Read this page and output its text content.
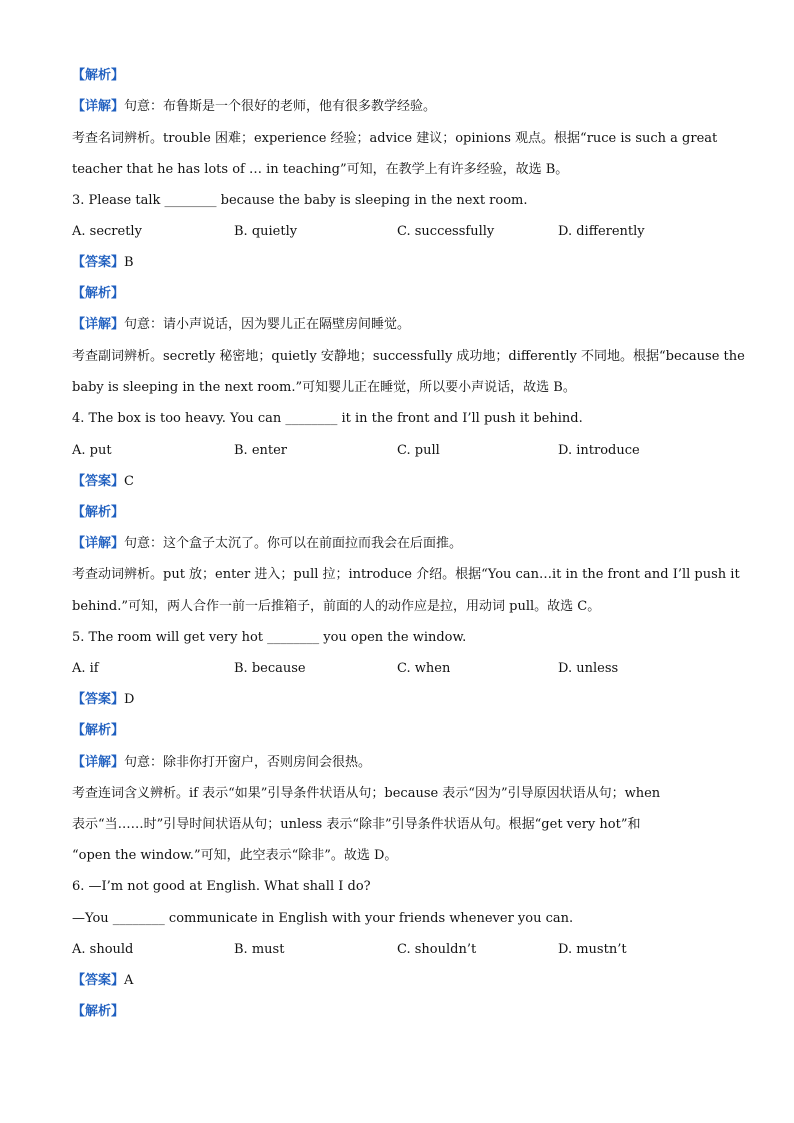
【解析】
【详解】句意：布鲁斯是一个很好的老师，他有很多教学经验。
考查名词辨析。trouble 困难；experience 经验；advice 建议；opinions 观点。根据“ruce is such a great
teacher that he has lots of … in teaching”可知，在教学上有许多经验，故选 B。
3. Please talk ________ because the baby is sleeping in the next room.
A. secretly	B. quietly	C. successfully	D. differently
【答案】B
【解析】
【详解】句意：请小声说话，因为婴儿正在隔壁房间睡觉。
考查副词辨析。secretly 秘密地；quietly 安静地；successfully 成功地；differently 不同地。根据“because the
baby is sleeping in the next room.”可知婴儿正在睡觉，所以要小声说话，故选 B。
4. The box is too heavy. You can ________ it in the front and I’ll push it behind.
A. put	B. enter	C. pull	D. introduce
【答案】C
【解析】
【详解】句意：这个盒子太沉了。你可以在前面拉而我会在后面推。
考查动词辨析。put 放；enter 进入；pull 拉；introduce 介绍。根据“You can…it in the front and I’ll push it
behind.”可知，两人合作一前一后推箱子，前面的人的动作应是拉，用动词 pull。故选 C。
5. The room will get very hot ________ you open the window.
A. if	B. because	C. when	D. unless
【答案】D
【解析】
【详解】句意：除非你打开窗户，否则房间会很热。
考查连词含义辨析。if 表示“如果”引导条件状语从句；because 表示“因为”引导原因状语从句；when
表示“当……时”引导时间状语从句；unless 表示“除非”引导条件状语从句。根据“get very hot”和
“open the window.”可知，此空表示“除非”。故选 D。
6. —I’m not good at English. What shall I do?
—You ________ communicate in English with your friends whenever you can.
A. should	B. must	C. shouldn’t	D. mustn’t
【答案】A
【解析】
